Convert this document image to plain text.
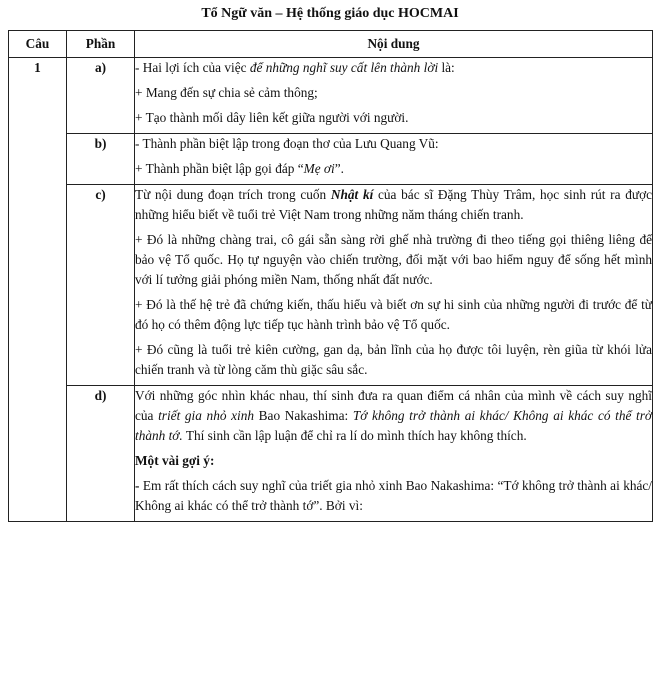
Tổ Ngữ văn – Hệ thống giáo dục HOCMAI
Câu	Phần	Nội dung
1	a)	- Hai lợi ích của việc để những nghĩ suy cất lên thành lời là:

+ Mang đến sự chia sẻ cảm thông;

+ Tạo thành mối dây liên kết giữa người với người.

	b)	- Thành phần biệt lập trong đoạn thơ của Lưu Quang Vũ:

+ Thành phần biệt lập gọi đáp “Mẹ ơi”.

	c)	Từ nội dung đoạn trích trong cuốn Nhật kí của bác sĩ Đặng Thùy Trâm, học sinh rút ra được những hiểu biết về tuổi trẻ Việt Nam trong những năm tháng chiến tranh.

+ Đó là những chàng trai, cô gái sẵn sàng rời ghế nhà trường đi theo tiếng gọi thiêng liêng để bảo vệ Tổ quốc. Họ tự nguyện vào chiến trường, đối mặt với bao hiểm nguy để sống hết mình với lí tưởng giải phóng miền Nam, thống nhất đất nước.

+ Đó là thế hệ trẻ đã chứng kiến, thấu hiểu và biết ơn sự hi sinh của những người đi trước để từ đó họ có thêm động lực tiếp tục hành trình bảo vệ Tổ quốc.

+ Đó cũng là tuổi trẻ kiên cường, gan dạ, bản lĩnh của họ được tôi luyện, rèn giũa từ khói lửa chiến tranh và từ lòng căm thù giặc sâu sắc.

	d)	Với những góc nhìn khác nhau, thí sinh đưa ra quan điểm cá nhân của mình về cách suy nghĩ của triết gia nhỏ xinh Bao Nakashima: Tớ không trở thành ai khác/ Không ai khác có thể trở thành tớ. Thí sinh cần lập luận để chỉ ra lí do mình thích hay không thích.

Một vài gợi ý:

- Em rất thích cách suy nghĩ của triết gia nhỏ xinh Bao Nakashima: “Tớ không trở thành ai khác/ Không ai khác có thể trở thành tớ”. Bởi vì:
